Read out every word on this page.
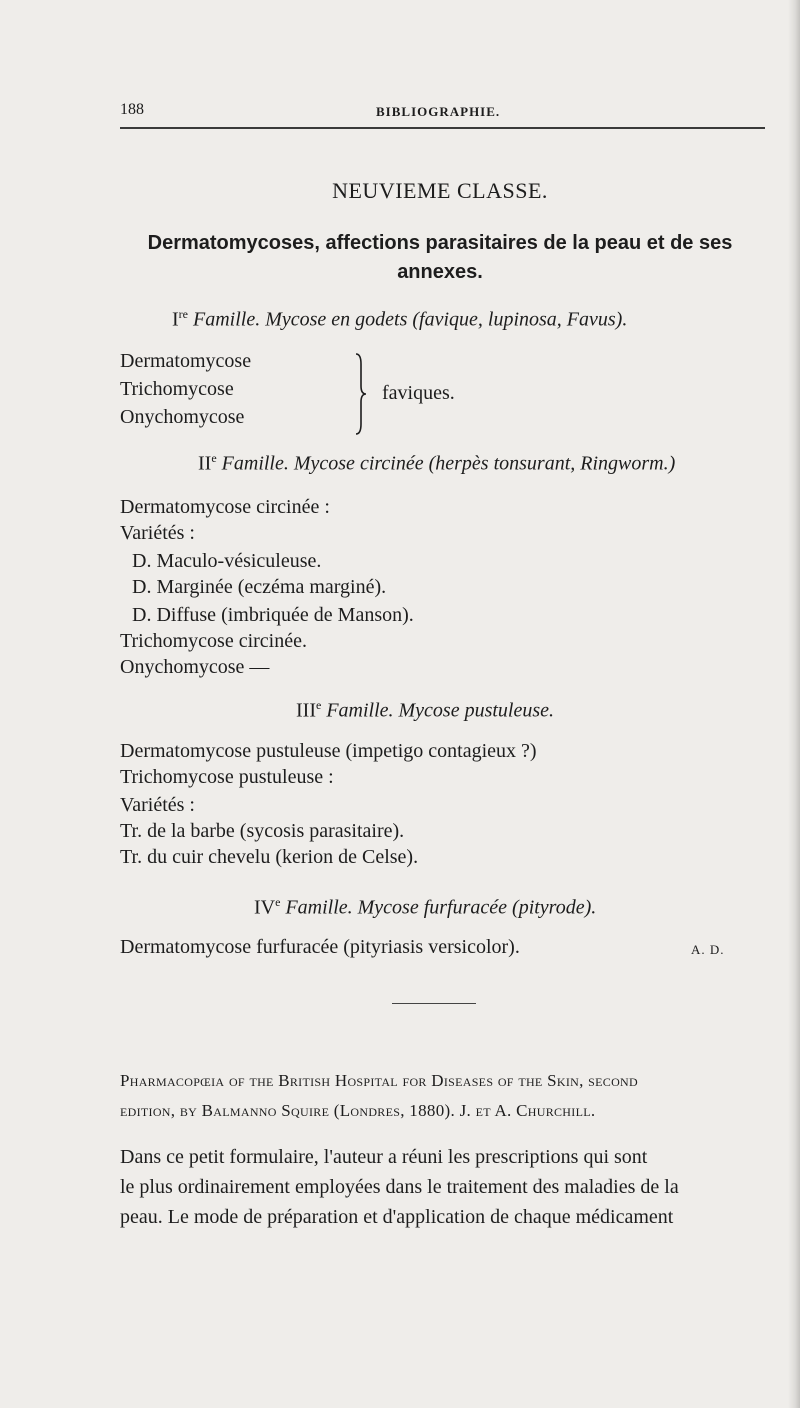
188	BIBLIOGRAPHIE.
NEUVIEME CLASSE.
Dermatomycoses, affections parasitaires de la peau et de ses
annexes.
Ire Famille. Mycose en godets (favique, lupinosa, Favus).
Dermatomycose
Trichomycose
Onychomycose
faviques.
IIe Famille. Mycose circinée (herpès tonsurant, Ringworm.)
Dermatomycose circinée :
Variétés :
D. Maculo-vésiculeuse.
D. Marginée (eczéma marginé).
D. Diffuse (imbriquée de Manson).
Trichomycose circinée.
Onychomycose —
IIIe Famille. Mycose pustuleuse.
Dermatomycose pustuleuse (impetigo contagieux ?)
Trichomycose pustuleuse :
Variétés :
Tr. de la barbe (sycosis parasitaire).
Tr. du cuir chevelu (kerion de Celse).
IVe Famille. Mycose furfuracée (pityrode).
Dermatomycose furfuracée (pityriasis versicolor).	A. D.
Pharmacopœia of the British Hospital for Diseases of the Skin, second
edition, by Balmanno Squire (Londres, 1880). J. et A. Churchill.
Dans ce petit formulaire, l'auteur a réuni les prescriptions qui sont
le plus ordinairement employées dans le traitement des maladies de la
peau. Le mode de préparation et d'application de chaque médicament
